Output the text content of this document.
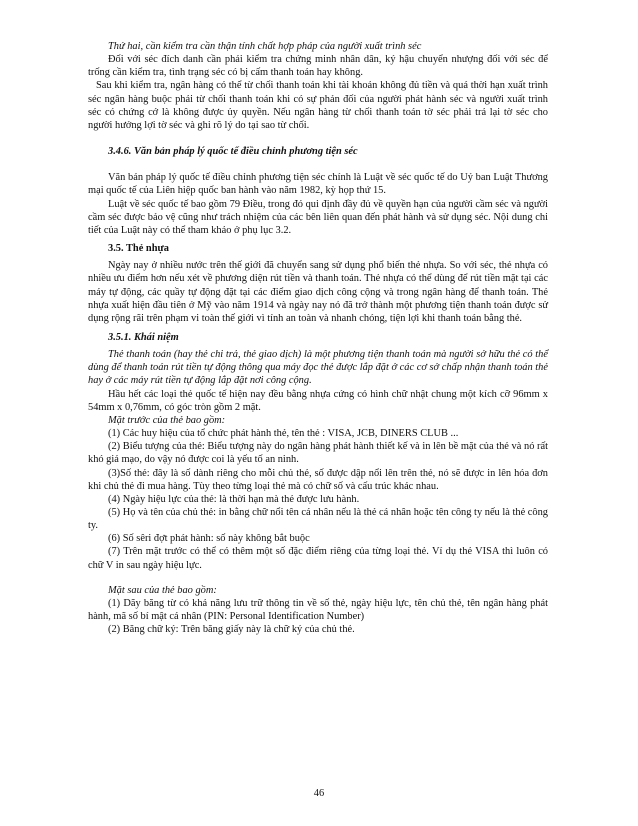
Thứ hai, cần kiểm tra cần thận tính chất hợp pháp của người xuất trình séc

Đối với séc đích danh cần phải kiểm tra chứng minh nhân dân, ký hậu chuyển nhượng đối với séc để trống cần kiểm tra, tình trạng séc có bị cấm thanh toán hay không.

Sau khi kiểm tra, ngân hàng có thể từ chối thanh toán khi tài khoản không đủ tiền và quá thời hạn xuất trình séc ngân hàng buộc phải từ chối thanh toán khi có sự phản đối của người phát hành séc và người xuất trình séc có chứng cớ là không được ủy quyền. Nếu ngân hàng từ chối thanh toán tờ séc phải trả lại tờ séc cho người hưởng lợi tờ séc và ghi rõ lý do tại sao từ chối.

3.4.6. Văn bản pháp lý quốc tế điều chỉnh phương tiện séc

Văn bản pháp lý quốc tế điều chỉnh phương tiện séc chính là Luật về séc quốc tế do Uỷ ban Luật Thương mại quốc tế của Liên hiệp quốc ban hành vào năm 1982, kỳ họp thứ 15.

Luật về séc quốc tế bao gồm 79 Điều, trong đó qui định đầy đủ về quyền hạn của người cầm séc và người cầm séc được bảo vệ cũng như trách nhiệm của các bên liên quan đến phát hành và sử dụng séc. Nội dung chi tiết của Luật này có thể tham khảo ở phụ lục 3.2.

3.5. Thẻ nhựa

Ngày nay ở nhiều nước trên thế giới đã chuyển sang sử dụng phổ biến thẻ nhựa. So với séc, thẻ nhựa có nhiều ưu điểm hơn nếu xét về phương diện rút tiền và thanh toán. Thẻ nhựa có thể dùng để rút tiền mặt tại các máy tự động, các quầy tự động đặt tại các điểm giao dịch công cộng và trong ngân hàng để thanh toán. Thẻ nhựa xuất hiện đầu tiên ở Mỹ vào năm 1914 và ngày nay nó đã trở thành một phương tiện thanh toán được sử dụng rộng rãi trên phạm vi toàn thế giới vì tính an toàn và nhanh chóng, tiện lợi khi thanh toán bằng thẻ.

3.5.1. Khái niệm

Thẻ thanh toán (hay thẻ chi trả, thẻ giao dịch) là một phương tiện thanh toán mà người sở hữu thẻ có thể dùng để thanh toán rút tiền tự động thông qua máy đọc thẻ được lắp đặt ở các cơ sở chấp nhận thanh toán thẻ hay ở các máy rút tiền tự động lắp đặt nơi công cộng.

Hầu hết các loại thẻ quốc tế hiện nay đều bằng nhựa cứng có hình chữ nhật chung một kích cỡ 96mm x 54mm x 0,76mm, có góc tròn gồm 2 mặt.

Mặt trước của thẻ bao gồm:

(1) Các huy hiệu của tổ chức phát hành thẻ, tên thẻ : VISA, JCB, DINERS CLUB ...

(2) Biểu tượng của thẻ: Biểu tượng này do ngân hàng phát hành thiết kế và in lên bề mặt của thẻ và nó rất khó giả mạo, do vậy nó được coi là yếu tố an ninh.

(3)Số thẻ: đây là số dành riêng cho mỗi chủ thẻ, số được dập nổi lên trên thẻ, nó sẽ được in lên hóa đơn khi chủ thẻ đi mua hàng. Tùy theo từng loại thẻ mà có chữ số và cấu trúc khác nhau.

(4) Ngày hiệu lực của thẻ: là thời hạn mà thẻ được lưu hành.

(5) Họ và tên của chủ thẻ: in bằng chữ nổi tên cá nhân nếu là thẻ cá nhân hoặc tên công ty nếu là thẻ công ty.

(6) Số sêri đợt phát hành: số này không bắt buộc

(7) Trên mặt trước có thể có thêm một số đặc điểm riêng của từng loại thẻ. Ví dụ thẻ VISA thì luôn có chữ V in sau ngày hiệu lực.

Mặt sau của thẻ bao gồm:

(1) Dãy băng từ có khả năng lưu trữ thông tin về số thẻ, ngày hiệu lực, tên chủ thẻ, tên ngân hàng phát hành, mã số bí mật cá nhân (PIN: Personal Identification Number)

(2) Băng chữ ký: Trên băng giấy này là chữ ký của chủ thẻ.

46
